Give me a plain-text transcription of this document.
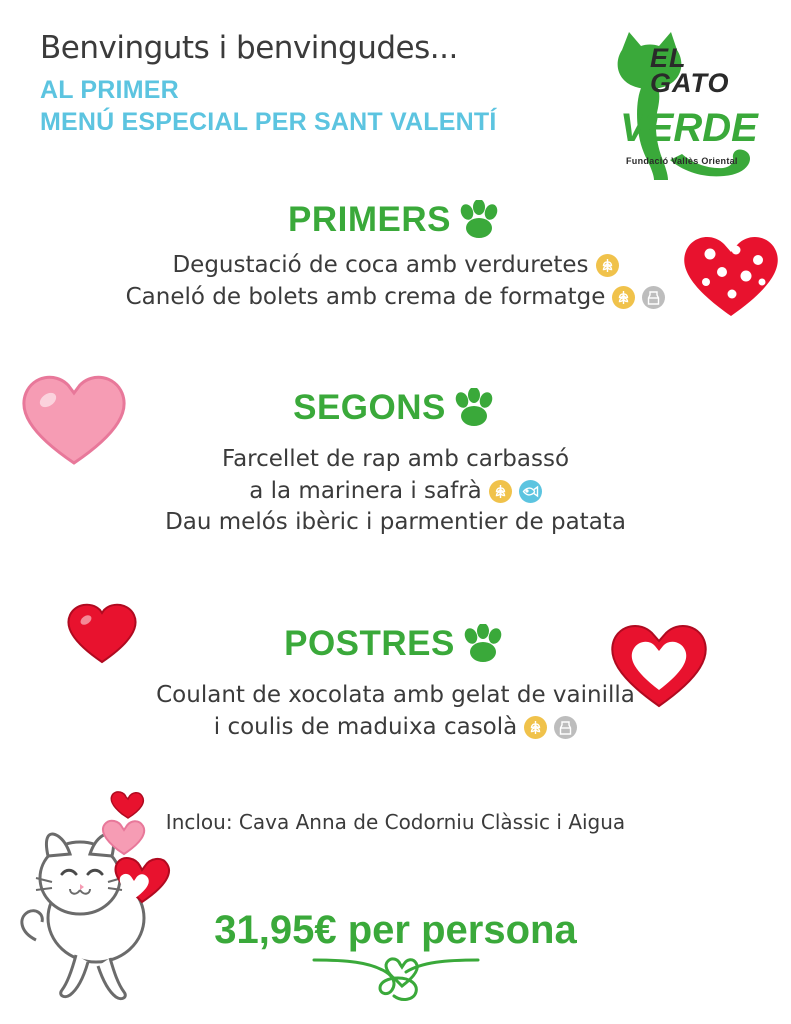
Benvinguts i benvingudes...
AL PRIMER
MENÚ ESPECIAL PER SANT VALENTÍ
EL
GATO
VERDE
Fundació Vallès Oriental
PRIMERS
Degustació de coca amb verduretes
Caneló de bolets amb crema de formatge
SEGONS
Farcellet de rap amb carbassó
a la marinera i safrà
Dau melós ibèric i parmentier de patata
POSTRES
Coulant de xocolata amb gelat de vainilla
i coulis de maduixa casolà
Inclou: Cava Anna de Codorniu Clàssic i Aigua
31,95€ per persona
